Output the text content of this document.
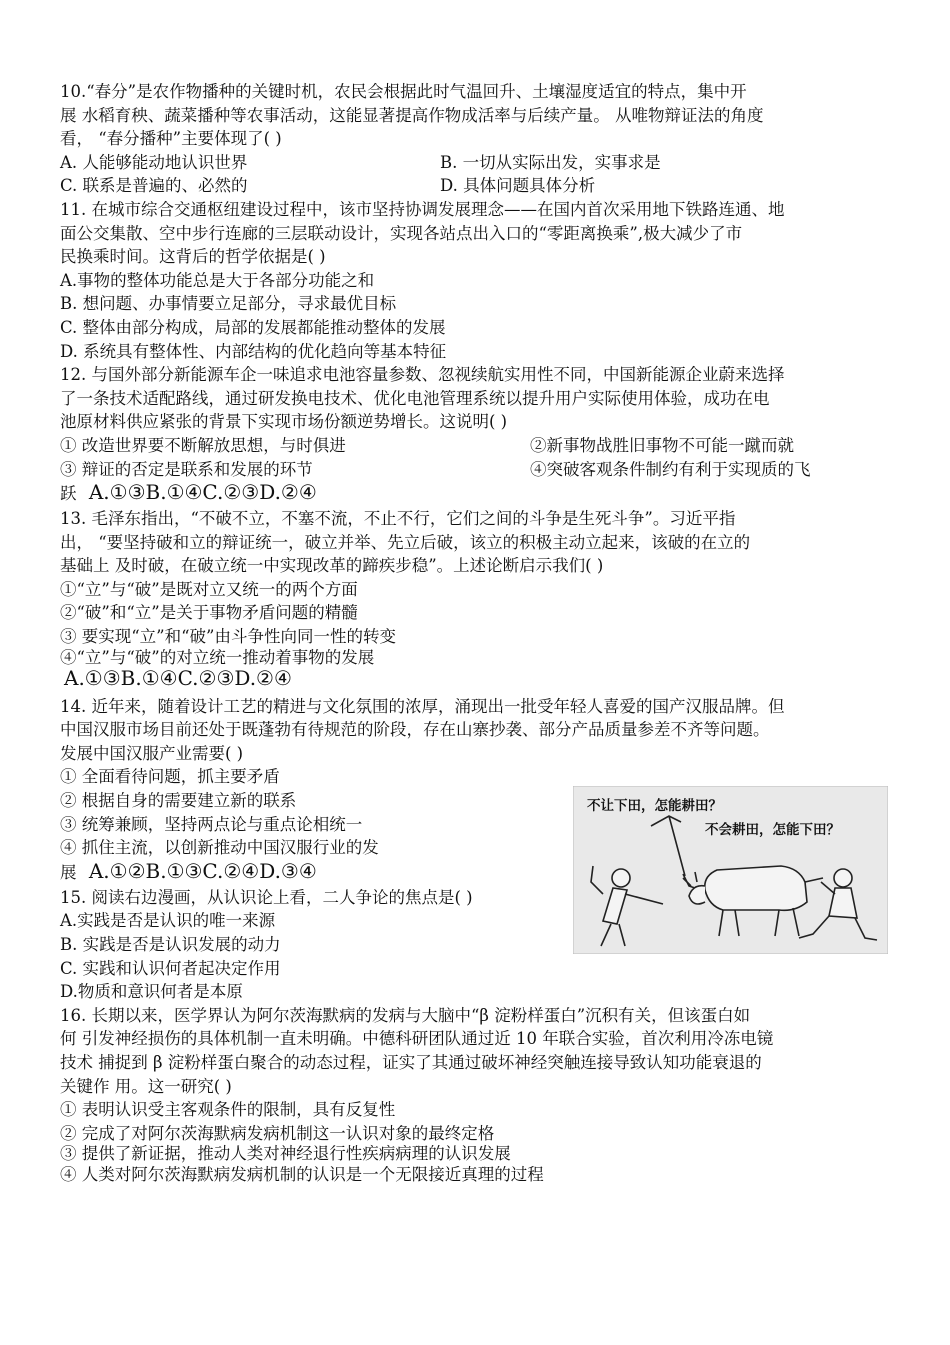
10.“春分”是农作物播种的关键时机，农民会根据此时气温回升、土壤湿度适宜的特点，集中开
展 水稻育秧、蔬菜播种等农事活动，这能显著提高作物成活率与后续产量。 从唯物辩证法的角度
看， “春分播种”主要体现了( )
A. 人能够能动地认识世界	B. 一切从实际出发，实事求是
C. 联系是普遍的、必然的	D. 具体问题具体分析
11. 在城市综合交通枢纽建设过程中，该市坚持协调发展理念——在国内首次采用地下铁路连通、地
面公交集散、空中步行连廊的三层联动设计，实现各站点出入口的“零距离换乘”,极大减少了市
民换乘时间。这背后的哲学依据是( )
A.事物的整体功能总是大于各部分功能之和
B. 想问题、办事情要立足部分，寻求最优目标
C. 整体由部分构成，局部的发展都能推动整体的发展
D. 系统具有整体性、内部结构的优化趋向等基本特征
12. 与国外部分新能源车企一味追求电池容量参数、忽视续航实用性不同，中国新能源企业蔚来选择
了一条技术适配路线，通过研发换电技术、优化电池管理系统以提升用户实际使用体验，成功在电
池原材料供应紧张的背景下实现市场份额逆势增长。这说明( )
① 改造世界要不断解放思想，与时俱进	②新事物战胜旧事物不可能一蹴而就
③ 辩证的否定是联系和发展的环节	④突破客观条件制约有利于实现质的飞
跃 A.①③B.①④C.②③D.②④
13. 毛泽东指出，“不破不立，不塞不流，不止不行，它们之间的斗争是生死斗争”。习近平指
出， “要坚持破和立的辩证统一，破立并举、先立后破，该立的积极主动立起来，该破的在立的
基础上 及时破，在破立统一中实现改革的蹄疾步稳”。上述论断启示我们( )
①“立”与“破”是既对立又统一的两个方面
②“破”和“立”是关于事物矛盾问题的精髓
③ 要实现“立”和“破”由斗争性向同一性的转变
④“立”与“破”的对立统一推动着事物的发展
A.①③B.①④C.②③D.②④
14. 近年来，随着设计工艺的精进与文化氛围的浓厚，涌现出一批受年轻人喜爱的国产汉服品牌。但
中国汉服市场目前还处于既蓬勃有待规范的阶段，存在山寨抄袭、部分产品质量参差不齐等问题。
发展中国汉服产业需要( )
① 全面看待问题，抓主要矛盾
② 根据自身的需要建立新的联系
③ 统筹兼顾，坚持两点论与重点论相统一
④ 抓住主流，以创新推动中国汉服行业的发
展 A.①②B.①③C.②④D.③④
15. 阅读右边漫画，从认识论上看，二人争论的焦点是( )
A.实践是否是认识的唯一来源
B. 实践是否是认识发展的动力
C. 实践和认识何者起决定作用
D.物质和意识何者是本原
16. 长期以来，医学界认为阿尔茨海默病的发病与大脑中“β 淀粉样蛋白”沉积有关，但该蛋白如
何 引发神经损伤的具体机制一直未明确。中德科研团队通过近 10 年联合实验，首次利用冷冻电镜
技术 捕捉到 β 淀粉样蛋白聚合的动态过程，证实了其通过破坏神经突触连接导致认知功能衰退的
关键作 用。这一研究( )
① 表明认识受主客观条件的限制，具有反复性
② 完成了对阿尔茨海默病发病机制这一认识对象的最终定格
③ 提供了新证据，推动人类对神经退行性疾病病理的认识发展
④ 人类对阿尔茨海默病发病机制的认识是一个无限接近真理的过程
不让下田，怎能耕田？
不会耕田，怎能下田？
